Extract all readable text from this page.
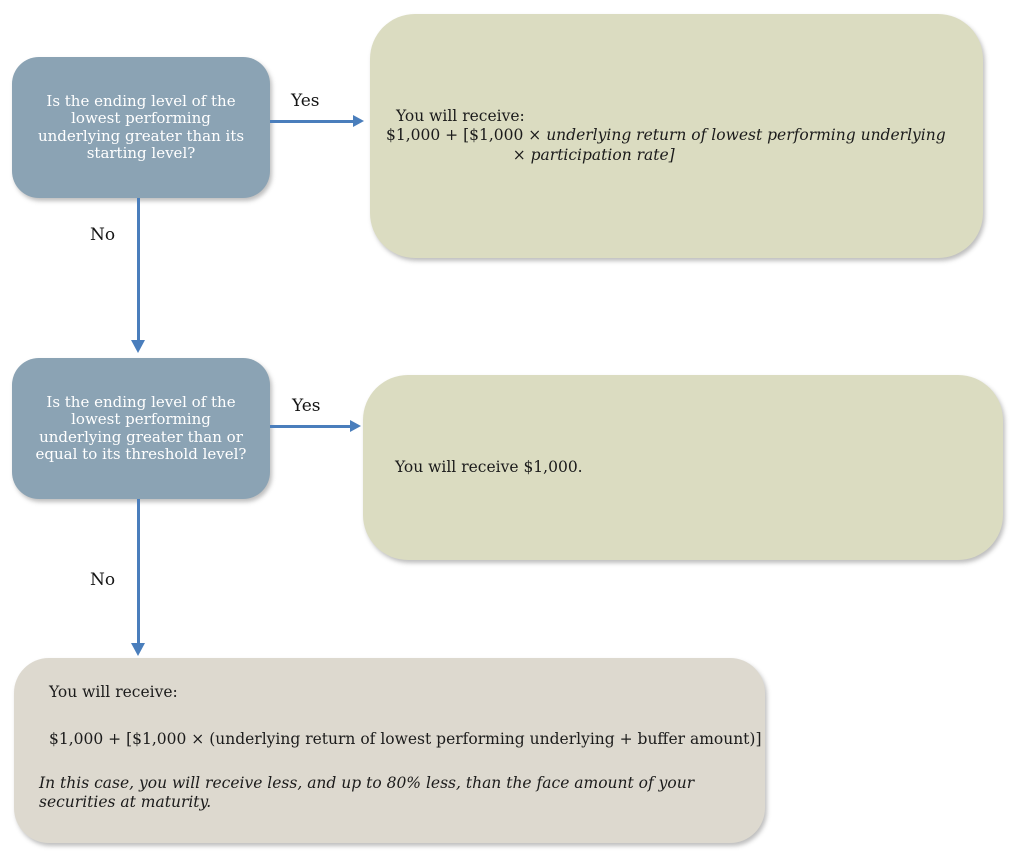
Is the ending level of the
lowest performing
underlying greater than its
starting level?
Yes
You will receive:
$1,000 + [$1,000 × underlying return of lowest performing underlying
× participation rate]
No
Is the ending level of the
lowest performing
underlying greater than or
equal to its threshold level?
Yes
You will receive $1,000.
No
You will receive:
$1,000 + [$1,000 × (underlying return of lowest performing underlying + buffer amount)]
In this case, you will receive less, and up to 80% less, than the face amount of your
securities at maturity.
